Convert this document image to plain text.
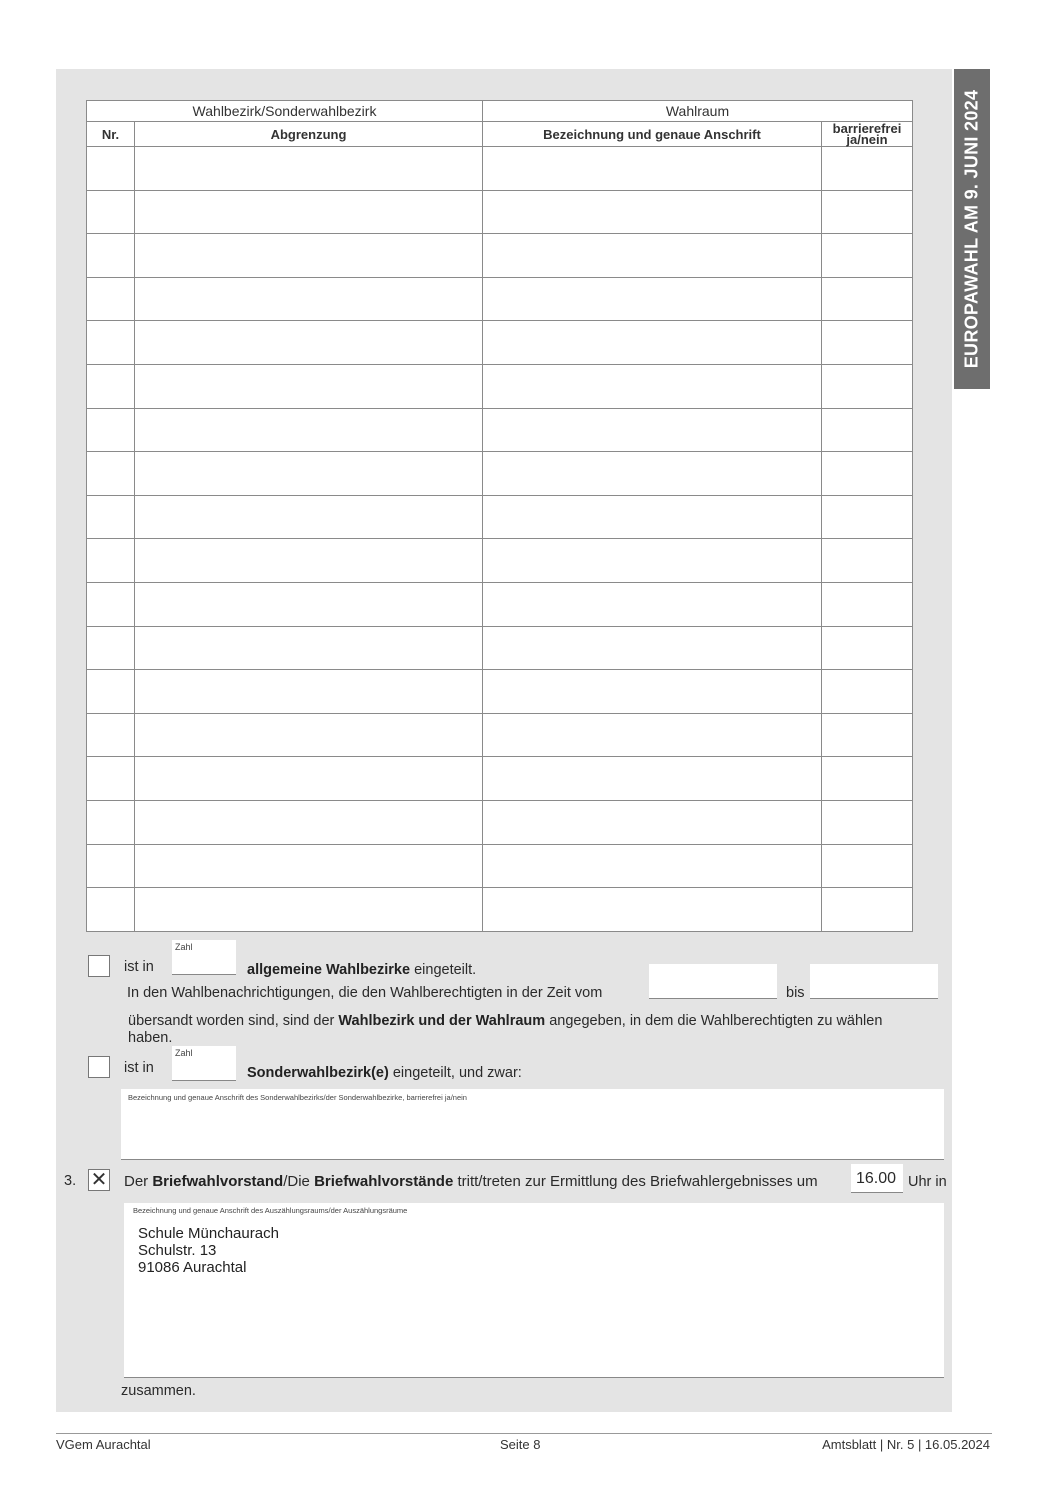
EUROPAWAHL AM 9. JUNI 2024
Wahlbezirk/Sonderwahlbezirk		Wahlraum	
Nr.	Abgrenzung	Bezeichnung und genaue Anschrift	barrierefrei
ja/nein

ist in
Zahl
allgemeine Wahlbezirke eingeteilt.
In den Wahlbenachrichtigungen, die den Wahlberechtigten in der Zeit vom	bis
übersandt worden sind, sind der Wahlbezirk und der Wahlraum angegeben, in dem die Wahlberechtigten zu wählen
haben.
ist in
Zahl
Sonderwahlbezirk(e) eingeteilt, und zwar:
Bezeichnung und genaue Anschrift des Sonderwahlbezirks/der Sonderwahlbezirke, barrierefrei ja/nein
3. ✕ Der Briefwahlvorstand/Die Briefwahlvorstände tritt/treten zur Ermittlung des Briefwahlergebnisses um 16.00 Uhr in
Bezeichnung und genaue Anschrift des Auszählungsraums/der Auszählungsräume
Schule Münchaurach
Schulstr. 13
91086 Aurachtal
zusammen.
VGem Aurachtal	Seite 8	Amtsblatt | Nr. 5 | 16.05.2024
